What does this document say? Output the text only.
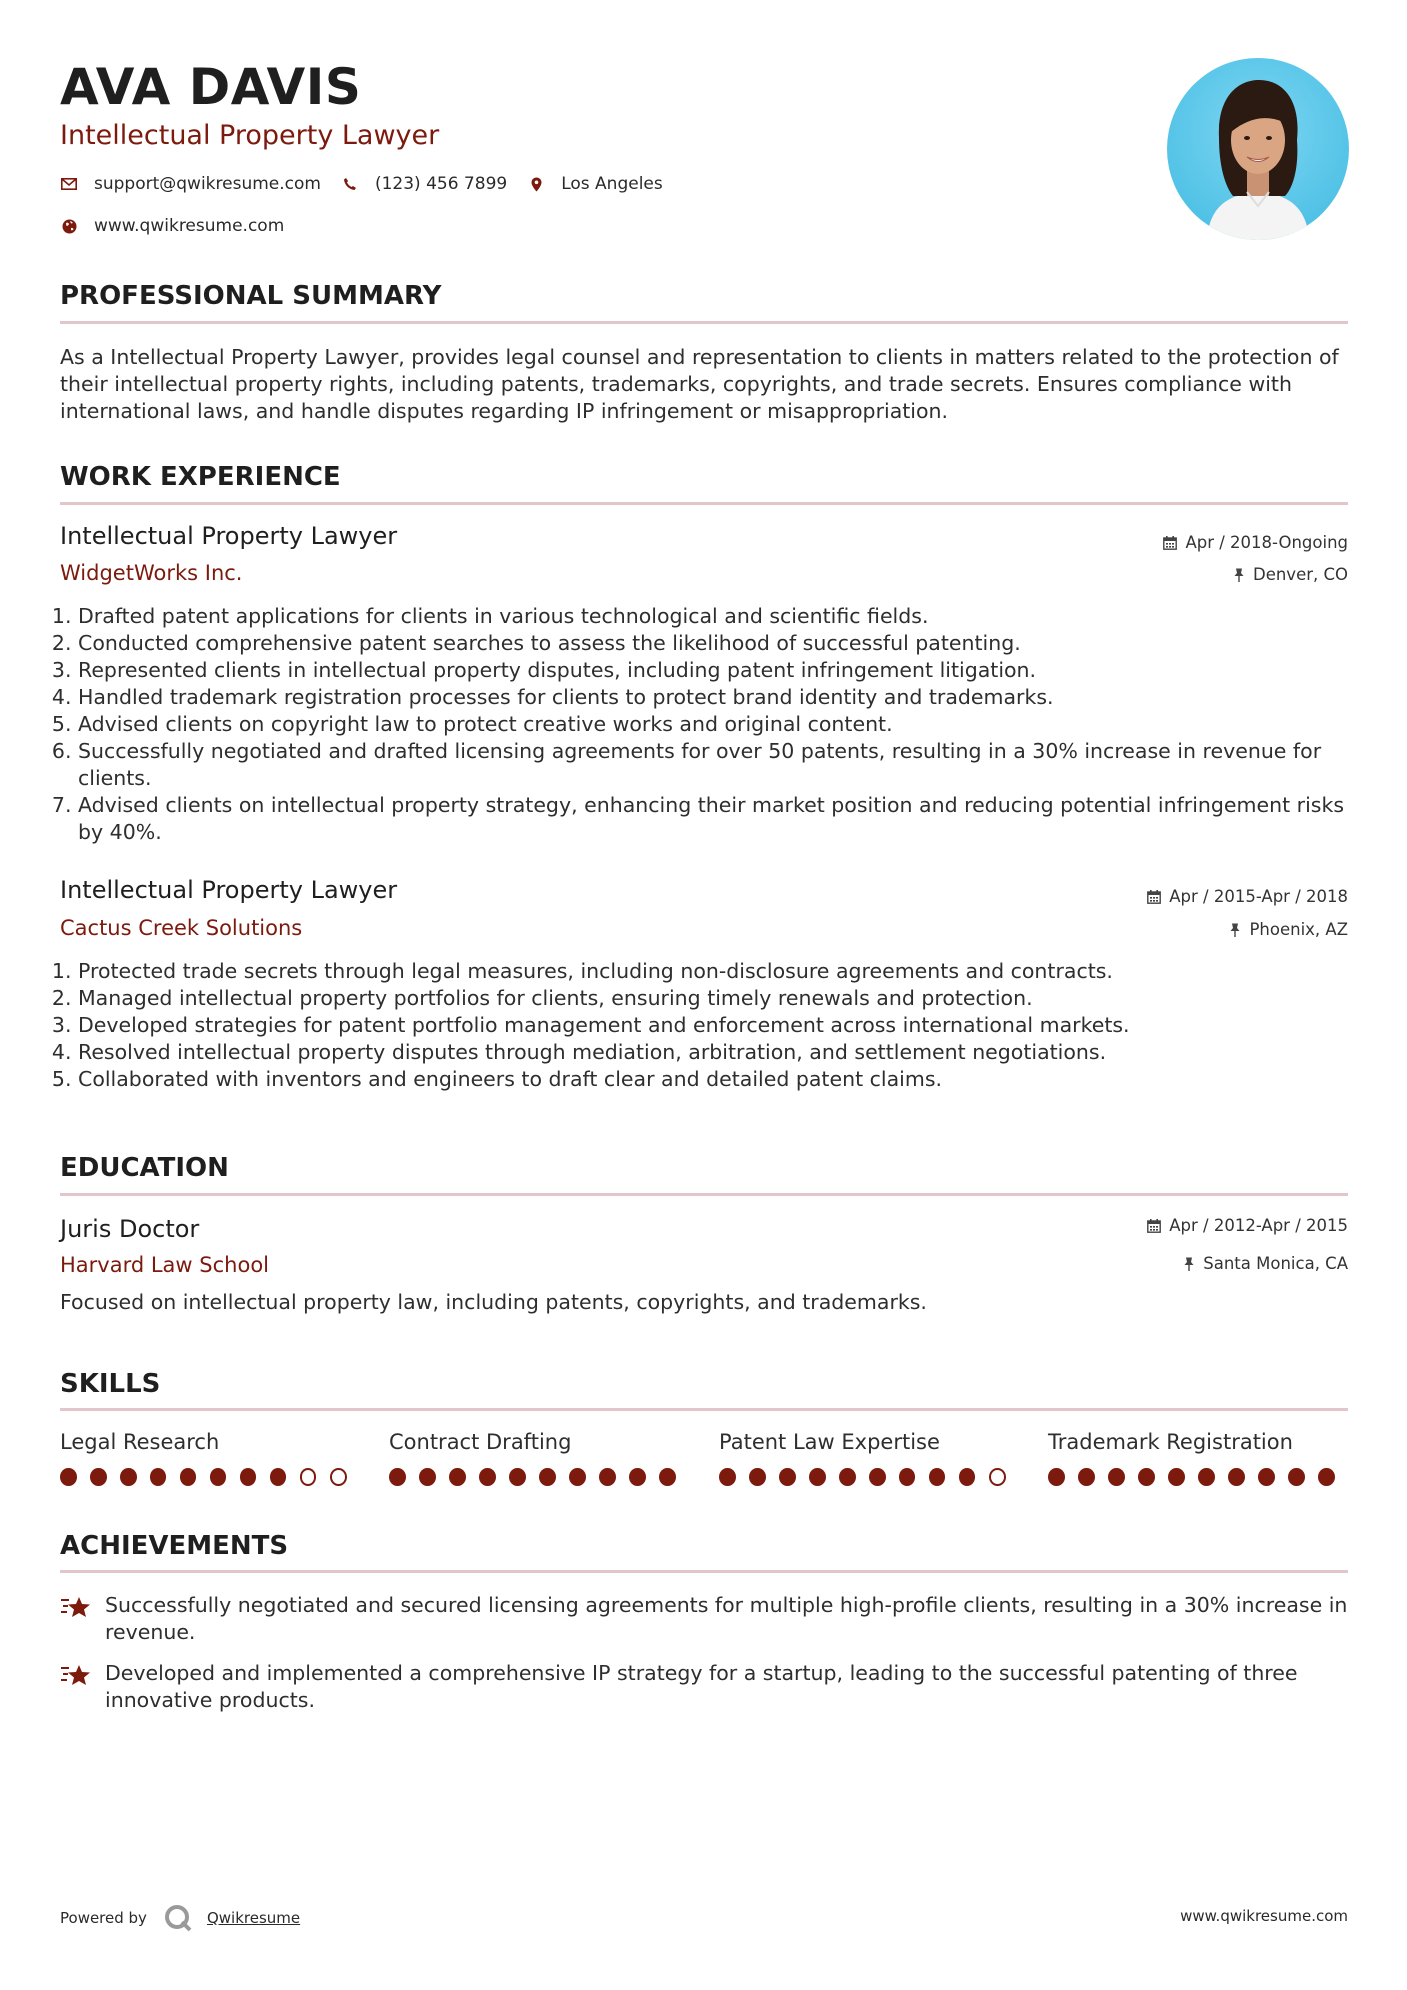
AVA DAVIS
Intellectual Property Lawyer
support@qwikresume.com	(123) 456 7899	Los Angeles
www.qwikresume.com
PROFESSIONAL SUMMARY
As a Intellectual Property Lawyer, provides legal counsel and representation to clients in matters related to the protection of their intellectual property rights, including patents, trademarks, copyrights, and trade secrets. Ensures compliance with international laws, and handle disputes regarding IP infringement or misappropriation.
WORK EXPERIENCE
Intellectual Property Lawyer
WidgetWorks Inc.
Apr / 2018-Ongoing
Denver, CO
1. Drafted patent applications for clients in various technological and scientific fields.
2. Conducted comprehensive patent searches to assess the likelihood of successful patenting.
3. Represented clients in intellectual property disputes, including patent infringement litigation.
4. Handled trademark registration processes for clients to protect brand identity and trademarks.
5. Advised clients on copyright law to protect creative works and original content.
6. Successfully negotiated and drafted licensing agreements for over 50 patents, resulting in a 30% increase in revenue for clients.
7. Advised clients on intellectual property strategy, enhancing their market position and reducing potential infringement risks by 40%.
Intellectual Property Lawyer
Cactus Creek Solutions
Apr / 2015-Apr / 2018
Phoenix, AZ
1. Protected trade secrets through legal measures, including non-disclosure agreements and contracts.
2. Managed intellectual property portfolios for clients, ensuring timely renewals and protection.
3. Developed strategies for patent portfolio management and enforcement across international markets.
4. Resolved intellectual property disputes through mediation, arbitration, and settlement negotiations.
5. Collaborated with inventors and engineers to draft clear and detailed patent claims.
EDUCATION
Juris Doctor
Harvard Law School
Apr / 2012-Apr / 2015
Santa Monica, CA
Focused on intellectual property law, including patents, copyrights, and trademarks.
SKILLS
Legal Research	Contract Drafting	Patent Law Expertise	Trademark Registration
ACHIEVEMENTS
Successfully negotiated and secured licensing agreements for multiple high-profile clients, resulting in a 30% increase in revenue.
Developed and implemented a comprehensive IP strategy for a startup, leading to the successful patenting of three innovative products.
Powered by	Qwikresume	www.qwikresume.com
